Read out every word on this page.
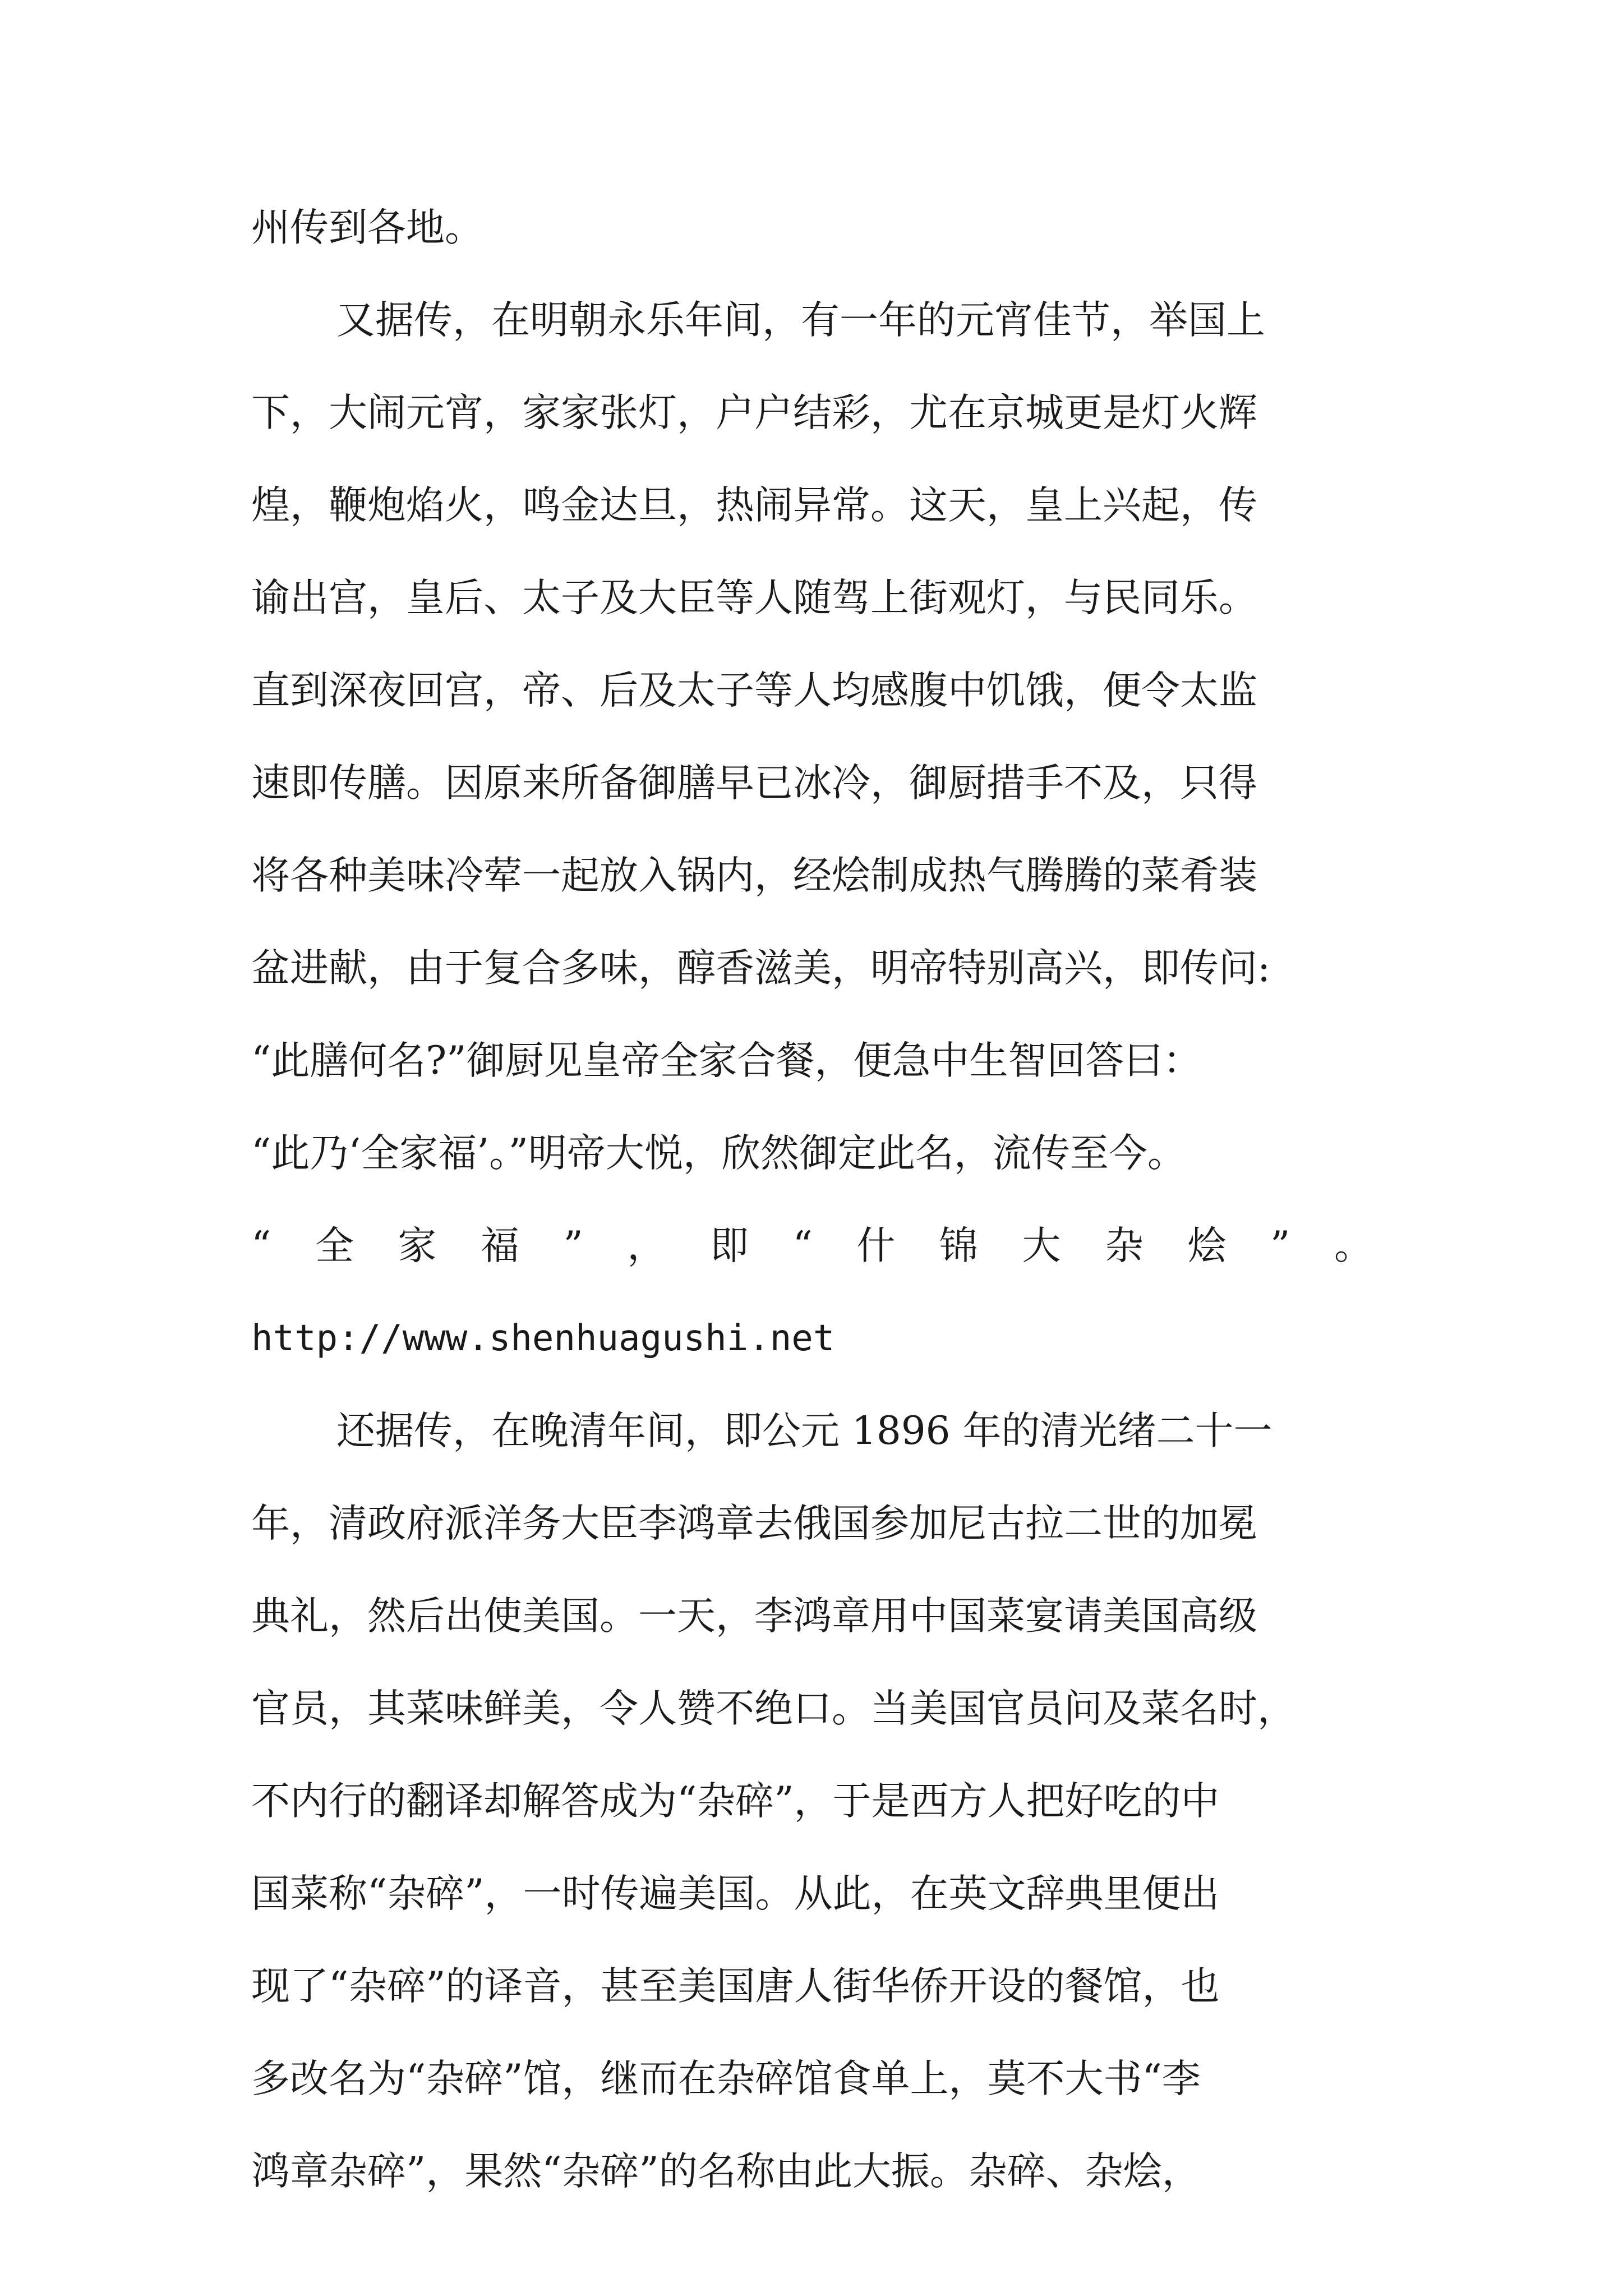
州传到各地。
又据传，在明朝永乐年间，有一年的元宵佳节，举国上
下，大闹元宵，家家张灯，户户结彩，尤在京城更是灯火辉
煌，鞭炮焰火，鸣金达旦，热闹异常。这天，皇上兴起，传
谕出宫，皇后、太子及大臣等人随驾上街观灯，与民同乐。
直到深夜回宫，帝、后及太子等人均感腹中饥饿，便令太监
速即传膳。因原来所备御膳早已冰冷，御厨措手不及，只得
将各种美味冷荤一起放入锅内，经烩制成热气腾腾的菜肴装
盆进献，由于复合多味，醇香滋美，明帝特别高兴，即传问:
“此膳何名?”御厨见皇帝全家合餐，便急中生智回答曰：
“此乃‘全家福’。”明帝大悦，欣然御定此名，流传至今。
“ 全 家 福 ” ， 即 “ 什 锦 大 杂 烩 ” 。
http://www.shenhuagushi.net
还据传，在晚清年间，即公元 1896 年的清光绪二十一
年，清政府派洋务大臣李鸿章去俄国参加尼古拉二世的加冕
典礼，然后出使美国。一天，李鸿章用中国菜宴请美国高级
官员，其菜味鲜美，令人赞不绝口。当美国官员问及菜名时，
不内行的翻译却解答成为“杂碎”，于是西方人把好吃的中
国菜称“杂碎”，一时传遍美国。从此，在英文辞典里便出
现了“杂碎”的译音，甚至美国唐人街华侨开设的餐馆，也
多改名为“杂碎”馆，继而在杂碎馆食单上，莫不大书“李
鸿章杂碎”，果然“杂碎”的名称由此大振。杂碎、杂烩，
